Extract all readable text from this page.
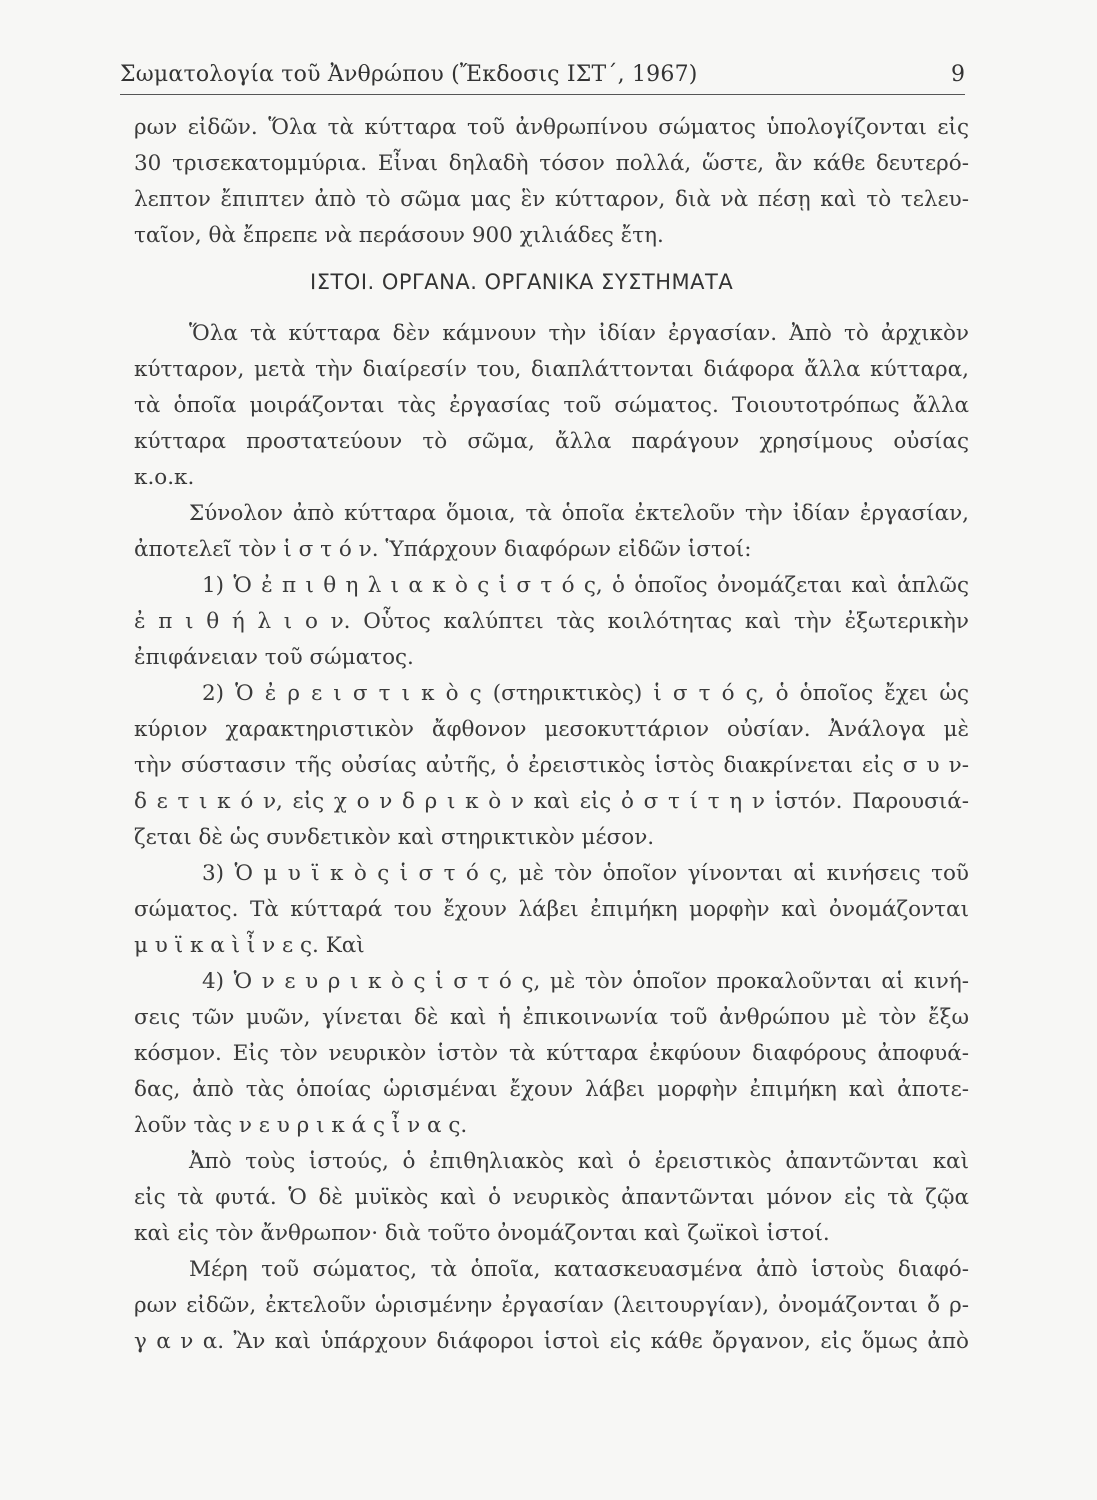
Σωματολογία τοῦ Ἀνθρώπου (Ἔκδοσις ΙΣΤ΄, 1967)	9
ρων εἰδῶν. Ὅλα τὰ κύτταρα τοῦ ἀνθρωπίνου σώματος ὑπολογίζονται εἰς
30 τρισεκατομμύρια. Εἶναι δηλαδὴ τόσον πολλά, ὥστε, ἂν κάθε δευτερό-
λεπτον ἔπιπτεν ἀπὸ τὸ σῶμα μας ἓν κύτταρον, διὰ νὰ πέσῃ καὶ τὸ τελευ-
ταῖον, θὰ ἔπρεπε νὰ περάσουν 900 χιλιάδες ἔτη.
ΙΣΤΟΙ. ΟΡΓΑΝΑ. ΟΡΓΑΝΙΚΑ ΣΥΣΤΗΜΑΤΑ
Ὅλα τὰ κύτταρα δὲν κάμνουν τὴν ἰδίαν ἐργασίαν. Ἀπὸ τὸ ἀρχικὸν
κύτταρον, μετὰ τὴν διαίρεσίν του, διαπλάττονται διάφορα ἄλλα κύτταρα,
τὰ ὁποῖα μοιράζονται τὰς ἐργασίας τοῦ σώματος. Τοιουτοτρόπως ἄλλα
κύτταρα προστατεύουν τὸ σῶμα, ἄλλα παράγουν χρησίμους οὐσίας
κ.ο.κ.
Σύνολον ἀπὸ κύτταρα ὅμοια, τὰ ὁποῖα ἐκτελοῦν τὴν ἰδίαν ἐργασίαν,
ἀποτελεῖ τὸν ἱ σ τ ό ν. Ὑπάρχουν διαφόρων εἰδῶν ἱστοί:
1) Ὁ ἐ π ι θ η λ ι α κ ὸ ς ἱ σ τ ό ς, ὁ ὁποῖος ὀνομάζεται καὶ ἁπλῶς
ἐ π ι θ ή λ ι ο ν. Οὗτος καλύπτει τὰς κοιλότητας καὶ τὴν ἐξωτερικὴν
ἐπιφάνειαν τοῦ σώματος.
2) Ὁ ἐ ρ ε ι σ τ ι κ ὸ ς (στηρικτικὸς) ἱ σ τ ό ς, ὁ ὁποῖος ἔχει ὡς
κύριον χαρακτηριστικὸν ἄφθονον μεσοκυττάριον οὐσίαν. Ἀνάλογα μὲ
τὴν σύστασιν τῆς οὐσίας αὐτῆς, ὁ ἐρειστικὸς ἱστὸς διακρίνεται εἰς σ υ ν-
δ ε τ ι κ ό ν, εἰς χ ο ν δ ρ ι κ ὸ ν καὶ εἰς ὀ σ τ ί τ η ν ἱστόν. Παρουσιά-
ζεται δὲ ὡς συνδετικὸν καὶ στηρικτικὸν μέσον.
3) Ὁ μ υ ϊ κ ὸ ς ἱ σ τ ό ς, μὲ τὸν ὁποῖον γίνονται αἱ κινήσεις τοῦ
σώματος. Τὰ κύτταρά του ἔχουν λάβει ἐπιμήκη μορφὴν καὶ ὀνομάζονται
μ υ ϊ κ α ὶ ἶ ν ε ς. Καὶ
4) Ὁ ν ε υ ρ ι κ ὸ ς ἱ σ τ ό ς, μὲ τὸν ὁποῖον προκαλοῦνται αἱ κινή-
σεις τῶν μυῶν, γίνεται δὲ καὶ ἡ ἐπικοινωνία τοῦ ἀνθρώπου μὲ τὸν ἔξω
κόσμον. Εἰς τὸν νευρικὸν ἱστὸν τὰ κύτταρα ἐκφύουν διαφόρους ἀποφυά-
δας, ἀπὸ τὰς ὁποίας ὡρισμέναι ἔχουν λάβει μορφὴν ἐπιμήκη καὶ ἀποτε-
λοῦν τὰς ν ε υ ρ ι κ ά ς ἶ ν α ς.
Ἀπὸ τοὺς ἱστούς, ὁ ἐπιθηλιακὸς καὶ ὁ ἐρειστικὸς ἀπαντῶνται καὶ
εἰς τὰ φυτά. Ὁ δὲ μυϊκὸς καὶ ὁ νευρικὸς ἀπαντῶνται μόνον εἰς τὰ ζῷα
καὶ εἰς τὸν ἄνθρωπον· διὰ τοῦτο ὀνομάζονται καὶ ζωϊκοὶ ἱστοί.
Μέρη τοῦ σώματος, τὰ ὁποῖα, κατασκευασμένα ἀπὸ ἱστοὺς διαφό-
ρων εἰδῶν, ἐκτελοῦν ὡρισμένην ἐργασίαν (λειτουργίαν), ὀνομάζονται ὄ ρ-
γ α ν α. Ἂν καὶ ὑπάρχουν διάφοροι ἱστοὶ εἰς κάθε ὄργανον, εἰς ὅμως ἀπὸ
